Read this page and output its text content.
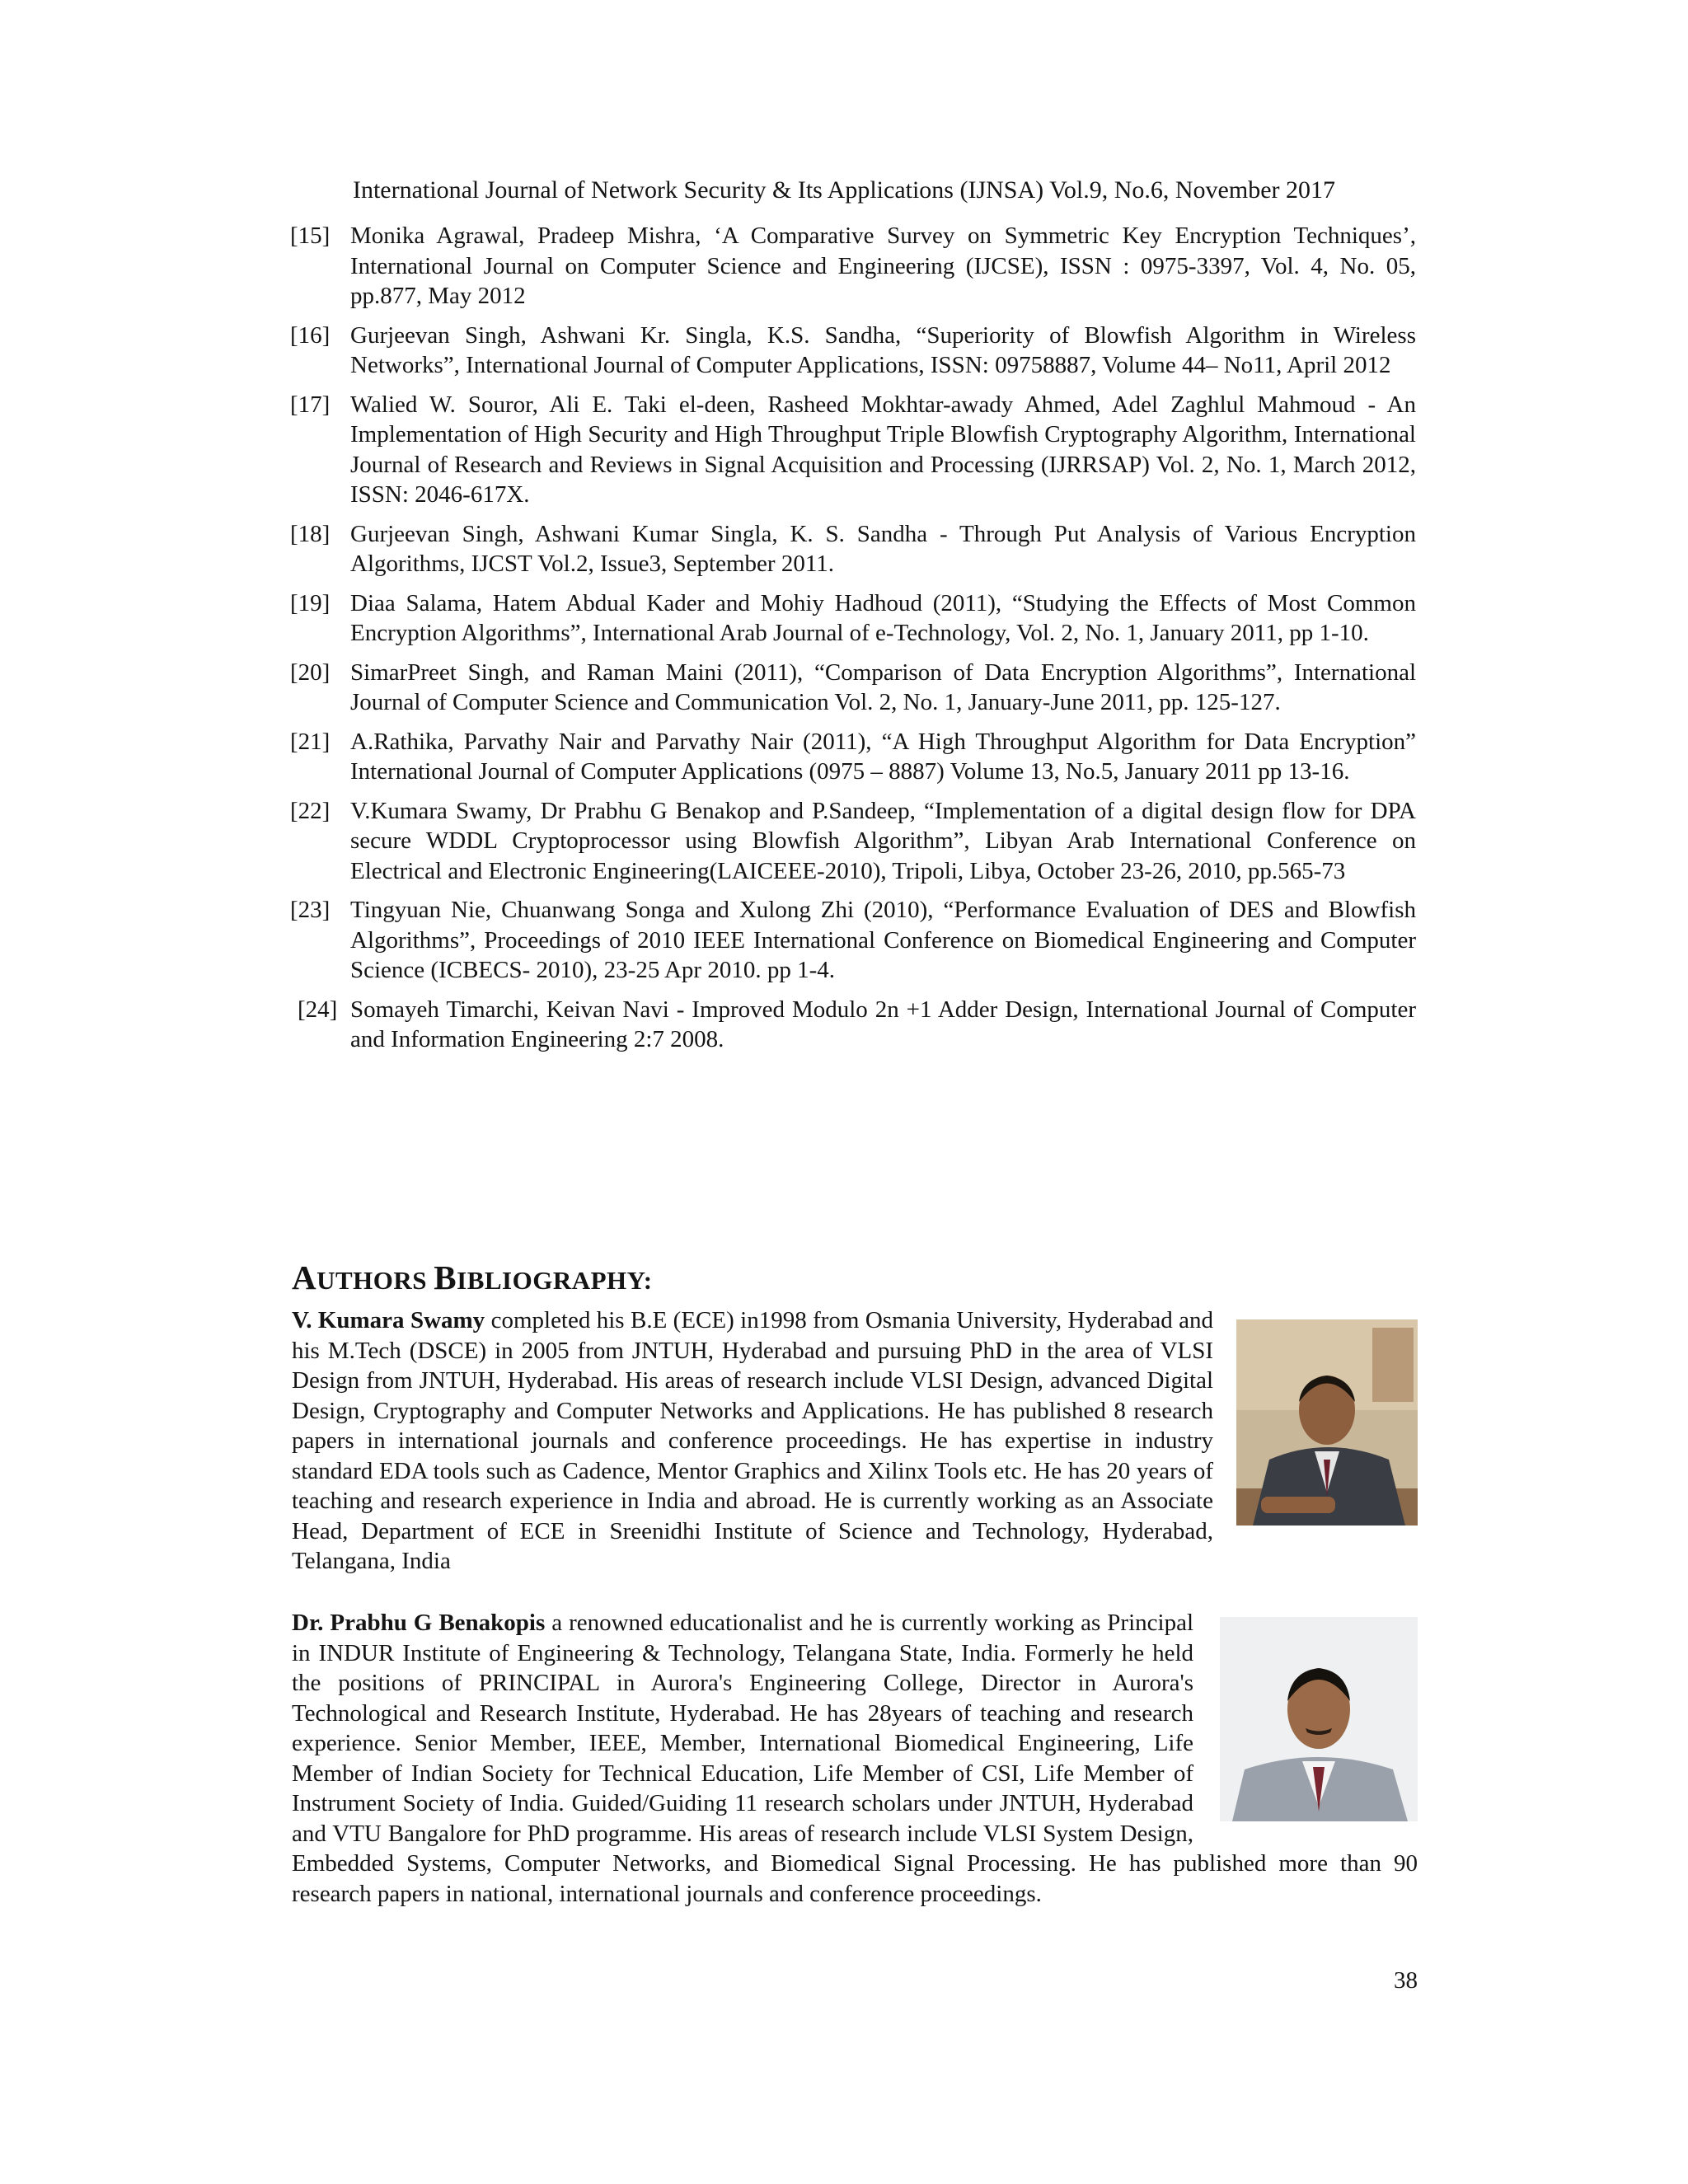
International Journal of Network Security & Its Applications (IJNSA) Vol.9, No.6, November 2017
[15] Monika Agrawal, Pradeep Mishra, ‘A Comparative Survey on Symmetric Key Encryption Techniques’, International Journal on Computer Science and Engineering (IJCSE), ISSN : 0975-3397, Vol. 4, No. 05, pp.877, May 2012
[16] Gurjeevan Singh, Ashwani Kr. Singla, K.S. Sandha, “Superiority of Blowfish Algorithm in Wireless Networks”, International Journal of Computer Applications, ISSN: 09758887, Volume 44– No11, April 2012
[17] Walied W. Souror, Ali E. Taki el-deen, Rasheed Mokhtar-awady Ahmed, Adel Zaghlul Mahmoud - An Implementation of High Security and High Throughput Triple Blowfish Cryptography Algorithm, International Journal of Research and Reviews in Signal Acquisition and Processing (IJRRSAP) Vol. 2, No. 1, March 2012, ISSN: 2046-617X.
[18] Gurjeevan Singh, Ashwani Kumar Singla, K. S. Sandha - Through Put Analysis of Various Encryption Algorithms, IJCST Vol.2, Issue3, September 2011.
[19] Diaa Salama, Hatem Abdual Kader and Mohiy Hadhoud (2011), “Studying the Effects of Most Common Encryption Algorithms”, International Arab Journal of e-Technology, Vol. 2, No. 1, January 2011, pp 1-10.
[20] SimarPreet Singh, and Raman Maini (2011), “Comparison of Data Encryption Algorithms”, International Journal of Computer Science and Communication Vol. 2, No. 1, January-June 2011, pp. 125-127.
[21] A.Rathika, Parvathy Nair and Parvathy Nair (2011), “A High Throughput Algorithm for Data Encryption” International Journal of Computer Applications (0975 – 8887) Volume 13, No.5, January 2011 pp 13-16.
[22] V.Kumara Swamy, Dr Prabhu G Benakop and P.Sandeep, “Implementation of a digital design flow for DPA secure WDDL Cryptoprocessor using Blowfish Algorithm”, Libyan Arab International Conference on Electrical and Electronic Engineering(LAICEEE-2010), Tripoli, Libya, October 23-26, 2010, pp.565-73
[23] Tingyuan Nie, Chuanwang Songa and Xulong Zhi (2010), “Performance Evaluation of DES and Blowfish Algorithms”, Proceedings of 2010 IEEE International Conference on Biomedical Engineering and Computer Science (ICBECS- 2010), 23-25 Apr 2010. pp 1-4.
[24] Somayeh Timarchi, Keivan Navi - Improved Modulo 2n +1 Adder Design, International Journal of Computer and Information Engineering 2:7 2008.
AUTHORS BIBLIOGRAPHY:
V. Kumara Swamy completed his B.E (ECE) in1998 from Osmania University, Hyderabad and his M.Tech (DSCE) in 2005 from JNTUH, Hyderabad and pursuing PhD in the area of VLSI Design from JNTUH, Hyderabad. His areas of research include VLSI Design, advanced Digital Design, Cryptography and Computer Networks and Applications. He has published 8 research papers in international journals and conference proceedings. He has expertise in industry standard EDA tools such as Cadence, Mentor Graphics and Xilinx Tools etc. He has 20 years of teaching and research experience in India and abroad. He is currently working as an Associate Head, Department of ECE in Sreenidhi Institute of Science and Technology, Hyderabad, Telangana, India
Dr. Prabhu G Benakopis a renowned educationalist and he is currently working as Principal in INDUR Institute of Engineering & Technology, Telangana State, India. Formerly he held the positions of PRINCIPAL in Aurora's Engineering College, Director in Aurora's Technological and Research Institute, Hyderabad. He has 28years of teaching and research experience. Senior Member, IEEE, Member, International Biomedical Engineering, Life Member of Indian Society for Technical Education, Life Member of CSI, Life Member of Instrument Society of India. Guided/Guiding 11 research scholars under JNTUH, Hyderabad and VTU Bangalore for PhD programme. His areas of research include VLSI System Design, Embedded Systems, Computer Networks, and Biomedical Signal Processing. He has published more than 90 research papers in national, international journals and conference proceedings.
38
